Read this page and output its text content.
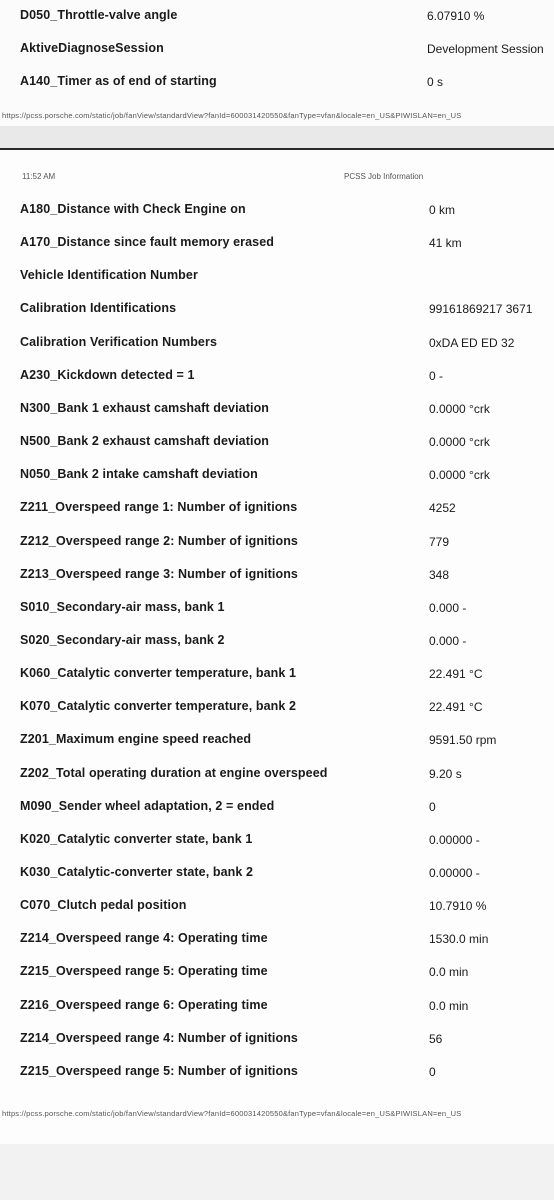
D050_Throttle-valve angle	6.07910 %
AktiveDiagnoseSession	Development Session
A140_Timer as of end of starting	0 s
https://pcss.porsche.com/static/job/fanView/standardView?fanId=600031420550&fanType=vfan&locale=en_US&PIWISLAN=en_US
11:52 AM	PCSS Job Information
A180_Distance with Check Engine on	0 km
A170_Distance since fault memory erased	41 km
Vehicle Identification Number
Calibration Identifications	99161869217 3671
Calibration Verification Numbers	0xDA ED ED 32
A230_Kickdown detected = 1	0 -
N300_Bank 1 exhaust camshaft deviation	0.0000 °crk
N500_Bank 2 exhaust camshaft deviation	0.0000 °crk
N050_Bank 2 intake camshaft deviation	0.0000 °crk
Z211_Overspeed range 1: Number of ignitions	4252
Z212_Overspeed range 2: Number of ignitions	779
Z213_Overspeed range 3: Number of ignitions	348
S010_Secondary-air mass, bank 1	0.000 -
S020_Secondary-air mass, bank 2	0.000 -
K060_Catalytic converter temperature, bank 1	22.491 °C
K070_Catalytic converter temperature, bank 2	22.491 °C
Z201_Maximum engine speed reached	9591.50 rpm
Z202_Total operating duration at engine overspeed	9.20 s
M090_Sender wheel adaptation, 2 = ended	0
K020_Catalytic converter state, bank 1	0.00000 -
K030_Catalytic-converter state, bank 2	0.00000 -
C070_Clutch pedal position	10.7910 %
Z214_Overspeed range 4: Operating time	1530.0 min
Z215_Overspeed range 5: Operating time	0.0 min
Z216_Overspeed range 6: Operating time	0.0 min
Z214_Overspeed range 4: Number of ignitions	56
Z215_Overspeed range 5: Number of ignitions	0
https://pcss.porsche.com/static/job/fanView/standardView?fanId=600031420550&fanType=vfan&locale=en_US&PIWISLAN=en_US
